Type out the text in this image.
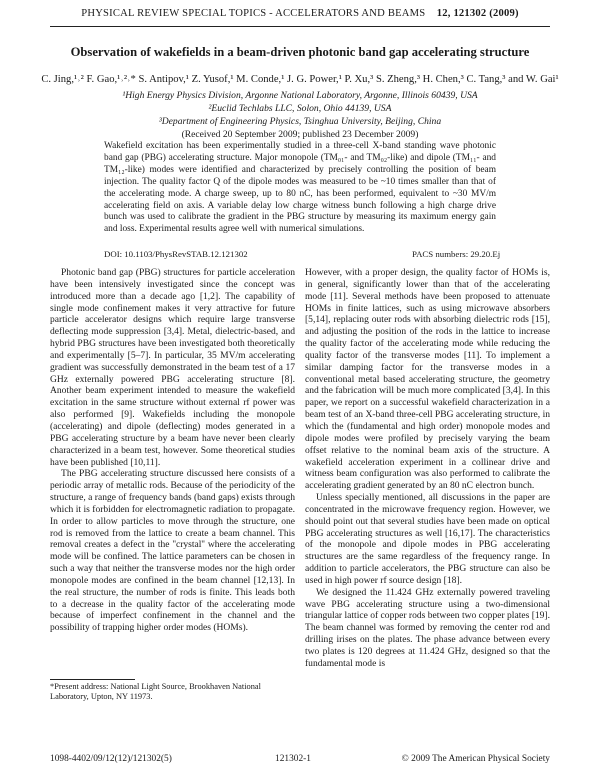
PHYSICAL REVIEW SPECIAL TOPICS - ACCELERATORS AND BEAMS 12, 121302 (2009)
Observation of wakefields in a beam-driven photonic band gap accelerating structure
C. Jing,¹˒² F. Gao,¹˒²˒* S. Antipov,¹ Z. Yusof,¹ M. Conde,¹ J. G. Power,¹ P. Xu,³ S. Zheng,³ H. Chen,³ C. Tang,³ and W. Gai¹
¹High Energy Physics Division, Argonne National Laboratory, Argonne, Illinois 60439, USA
²Euclid Techlabs LLC, Solon, Ohio 44139, USA
³Department of Engineering Physics, Tsinghua University, Beijing, China
(Received 20 September 2009; published 23 December 2009)
Wakefield excitation has been experimentally studied in a three-cell X-band standing wave photonic band gap (PBG) accelerating structure. Major monopole (TM₀₁- and TM₀₂-like) and dipole (TM₁₁- and TM₁₂-like) modes were identified and characterized by precisely controlling the position of beam injection. The quality factor Q of the dipole modes was measured to be ~10 times smaller than that of the accelerating mode. A charge sweep, up to 80 nC, has been performed, equivalent to ~30 MV/m accelerating field on axis. A variable delay low charge witness bunch following a high charge drive bunch was used to calibrate the gradient in the PBG structure by measuring its maximum energy gain and loss. Experimental results agree well with numerical simulations.
DOI: 10.1103/PhysRevSTAB.12.121302	PACS numbers: 29.20.Ej

Photonic band gap (PBG) structures for particle acceleration have been intensively investigated since the concept was introduced more than a decade ago [1,2]. The capability of single mode confinement makes it very attractive for future particle accelerator designs which require large transverse deflecting mode suppression [3,4]. Metal, dielectric-based, and hybrid PBG structures have been investigated both theoretically and experimentally [5–7]. In particular, 35 MV/m accelerating gradient was successfully demonstrated in the beam test of a 17 GHz externally powered PBG accelerating structure [8]. Another beam experiment intended to measure the wakefield excitation in the same structure without external rf power was also performed [9]. Wakefields including the monopole (accelerating) and dipole (deflecting) modes generated in a PBG accelerating structure by a beam have never been clearly characterized in a beam test, however. Some theoretical studies have been published [10,11].

The PBG accelerating structure discussed here consists of a periodic array of metallic rods. Because of the periodicity of the structure, a range of frequency bands (band gaps) exists through which it is forbidden for electromagnetic radiation to propagate. In order to allow particles to move through the structure, one rod is removed from the lattice to create a beam channel. This removal creates a defect in the ''crystal'' where the accelerating mode will be confined. The lattice parameters can be chosen in such a way that neither the transverse modes nor the high order monopole modes are confined in the beam channel [12,13]. In the real structure, the number of rods is finite. This leads both to a decrease in the quality factor of the accelerating mode because of imperfect confinement in the channel and the possibility of trapping higher order modes (HOMs).

However, with a proper design, the quality factor of HOMs is, in general, significantly lower than that of the accelerating mode [11]. Several methods have been proposed to attenuate HOMs in finite lattices, such as using microwave absorbers [5,14], replacing outer rods with absorbing dielectric rods [15], and adjusting the position of the rods in the lattice to increase the quality factor of the accelerating mode while reducing the quality factor of the transverse modes [11]. To implement a similar damping factor for the transverse modes in a conventional metal based accelerating structure, the geometry and the fabrication will be much more complicated [3,4]. In this paper, we report on a successful wakefield characterization in a beam test of an X-band three-cell PBG accelerating structure, in which the (fundamental and high order) monopole modes and dipole modes were profiled by precisely varying the beam offset relative to the nominal beam axis of the structure. A wakefield acceleration experiment in a collinear drive and witness beam configuration was also performed to calibrate the accelerating gradient generated by an 80 nC electron bunch.

Unless specially mentioned, all discussions in the paper are concentrated in the microwave frequency region. However, we should point out that several studies have been made on optical PBG accelerating structures as well [16,17]. The characteristics of the monopole and dipole modes in PBG accelerating structures are the same regardless of the frequency range. In addition to particle accelerators, the PBG structure can also be used in high power rf source design [18].

We designed the 11.424 GHz externally powered traveling wave PBG accelerating structure using a two-dimensional triangular lattice of copper rods between two copper plates [19]. The beam channel was formed by removing the center rod and drilling irises on the plates. The phase advance between every two plates is 120 degrees at 11.424 GHz, designed so that the fundamental mode is

*Present address: National Light Source, Brookhaven National Laboratory, Upton, NY 11973.
1098-4402/09/12(12)/121302(5)	121302-1	© 2009 The American Physical Society
